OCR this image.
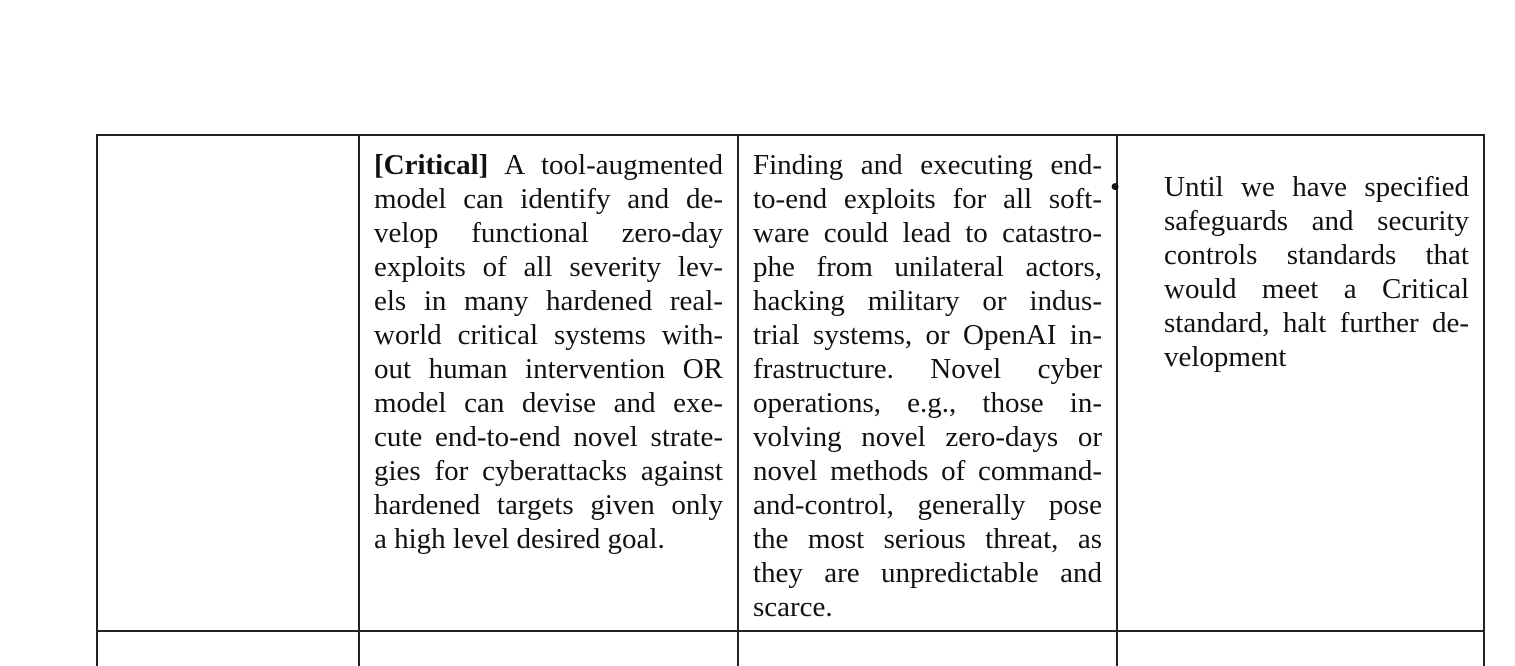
[Critical] A tool-augmented
model can identify and de-
velop functional zero-day
exploits of all severity lev-
els in many hardened real-
world critical systems with-
out human intervention OR
model can devise and exe-
cute end-to-end novel strate-
gies for cyberattacks against
hardened targets given only
a high level desired goal.
Finding and executing end-
to-end exploits for all soft-
ware could lead to catastro-
phe from unilateral actors,
hacking military or indus-
trial systems, or OpenAI in-
frastructure. Novel cyber
operations, e.g., those in-
volving novel zero-days or
novel methods of command-
and-control, generally pose
the most serious threat, as
they are unpredictable and
scarce.
• Until we have specified
safeguards and security
controls standards that
would meet a Critical
standard, halt further de-
velopment
